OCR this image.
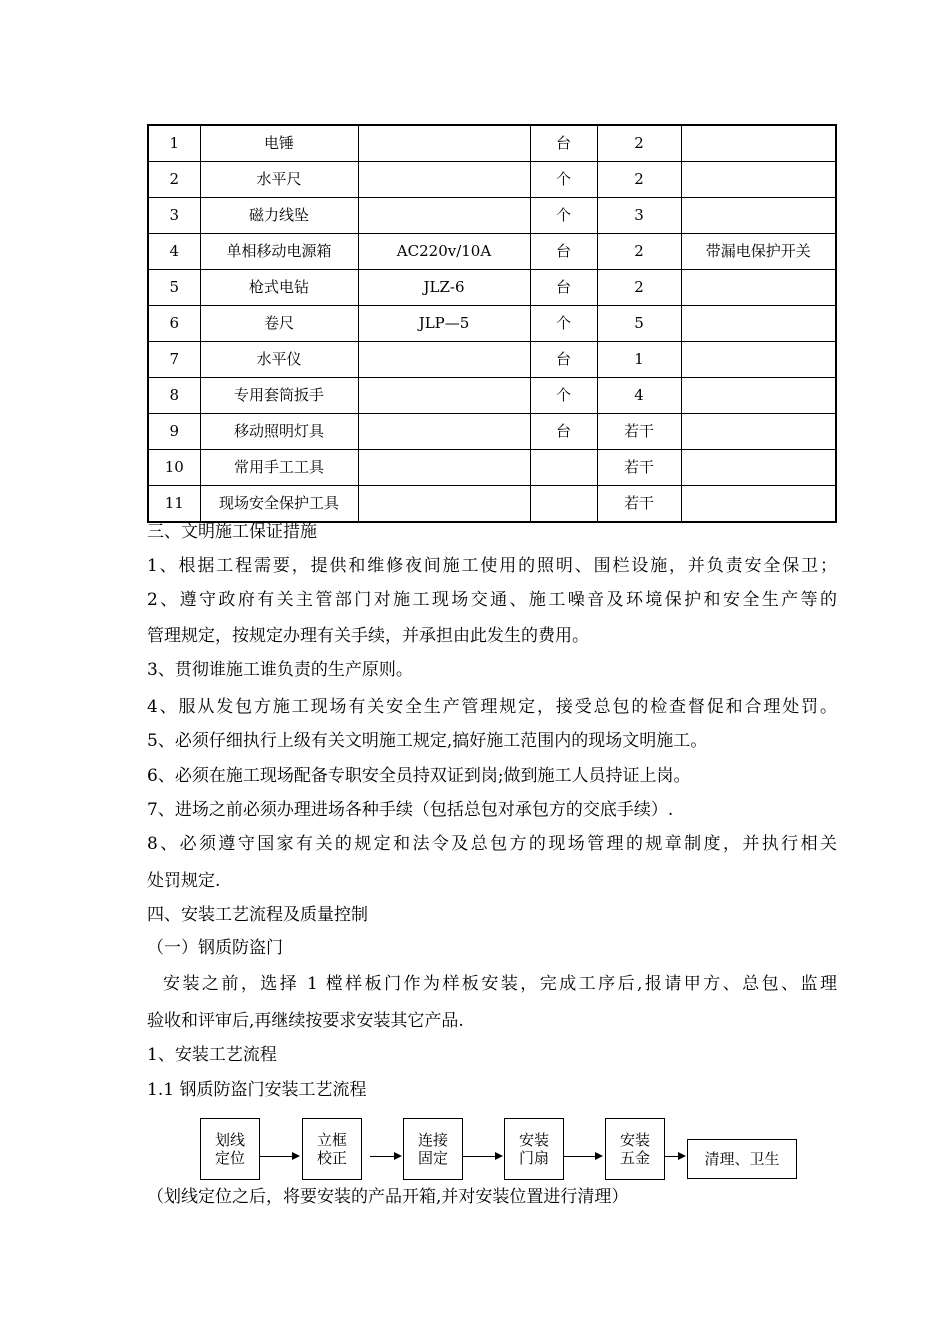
1	电锤		台	2	
2	水平尺		个	2	
3	磁力线坠		个	3	
4	单相移动电源箱	AC220v/10A	台	2	带漏电保护开关
5	枪式电钻	JLZ-6	台	2	
6	卷尺	JLP—5	个	5	
7	水平仪		台	1	
8	专用套筒扳手		个	4	
9	移动照明灯具		台	若干	
10	常用手工工具			若干	
11	现场安全保护工具			若干	
三、文明施工保证措施
1、根据工程需要，提供和维修夜间施工使用的照明、围栏设施，并负责安全保卫；
2、遵守政府有关主管部门对施工现场交通、施工噪音及环境保护和安全生产等的
管理规定，按规定办理有关手续，并承担由此发生的费用。
3、贯彻谁施工谁负责的生产原则。
4、服从发包方施工现场有关安全生产管理规定，接受总包的检查督促和合理处罚。
5、必须仔细执行上级有关文明施工规定,搞好施工范围内的现场文明施工。
6、必须在施工现场配备专职安全员持双证到岗;做到施工人员持证上岗。
7、进场之前必须办理进场各种手续（包括总包对承包方的交底手续）.
8、必须遵守国家有关的规定和法令及总包方的现场管理的规章制度，并执行相关
处罚规定.
四、安装工艺流程及质量控制
（一）钢质防盗门
安装之前，选择 1 樘样板门作为样板安装，完成工序后,报请甲方、总包、监理
验收和评审后,再继续按要求安装其它产品.
1、安装工艺流程
1.1 钢质防盗门安装工艺流程
划线
定位
立框
校正
连接
固定
安装
门扇
安装
五金	清理、卫生
（划线定位之后，将要安装的产品开箱,并对安装位置进行清理）
